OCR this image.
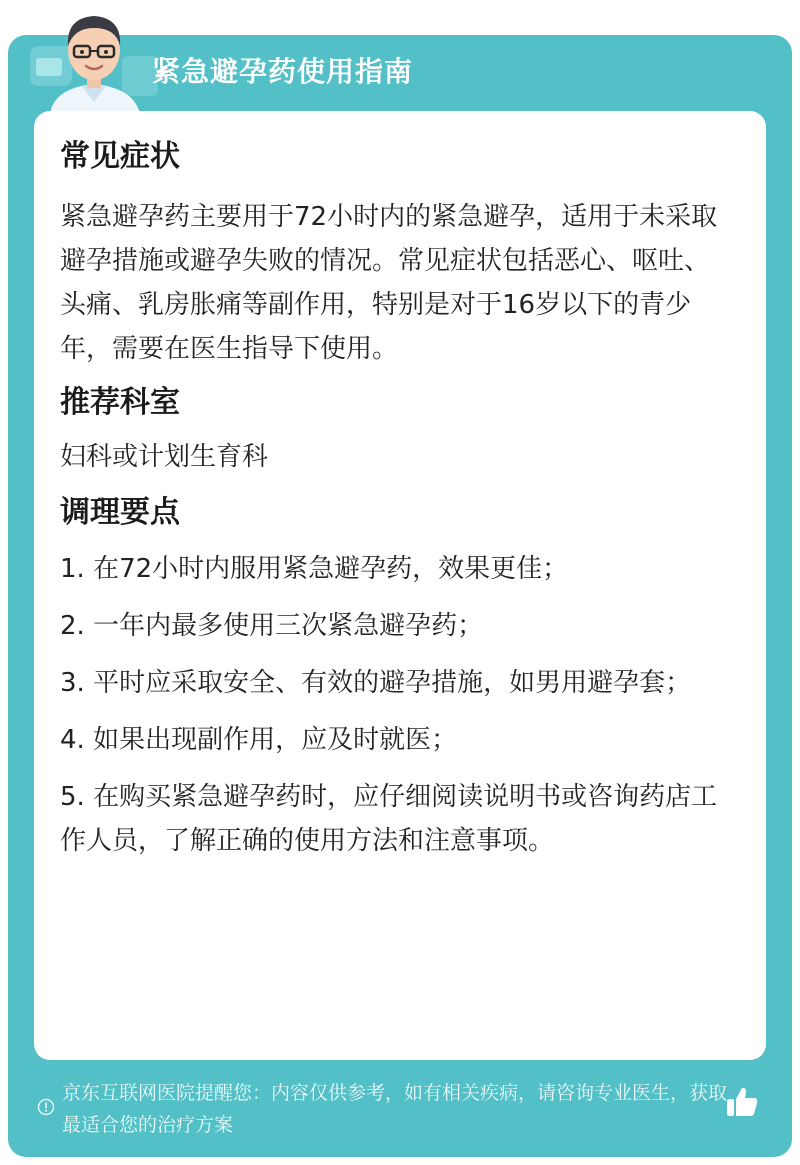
紧急避孕药使用指南
常见症状

紧急避孕药主要用于72小时内的紧急避孕，适用于未采取避孕措施或避孕失败的情况。常见症状包括恶心、呕吐、头痛、乳房胀痛等副作用，特别是对于16岁以下的青少年，需要在医生指导下使用。

推荐科室

妇科或计划生育科

调理要点

1. 在72小时内服用紧急避孕药，效果更佳；

2. 一年内最多使用三次紧急避孕药；

3. 平时应采取安全、有效的避孕措施，如男用避孕套；

4. 如果出现副作用，应及时就医；

5. 在购买紧急避孕药时，应仔细阅读说明书或咨询药店工作人员，了解正确的使用方法和注意事项。

京东互联网医院提醒您：内容仅供参考，如有相关疾病，请咨询专业医生，获取最适合您的治疗方案
